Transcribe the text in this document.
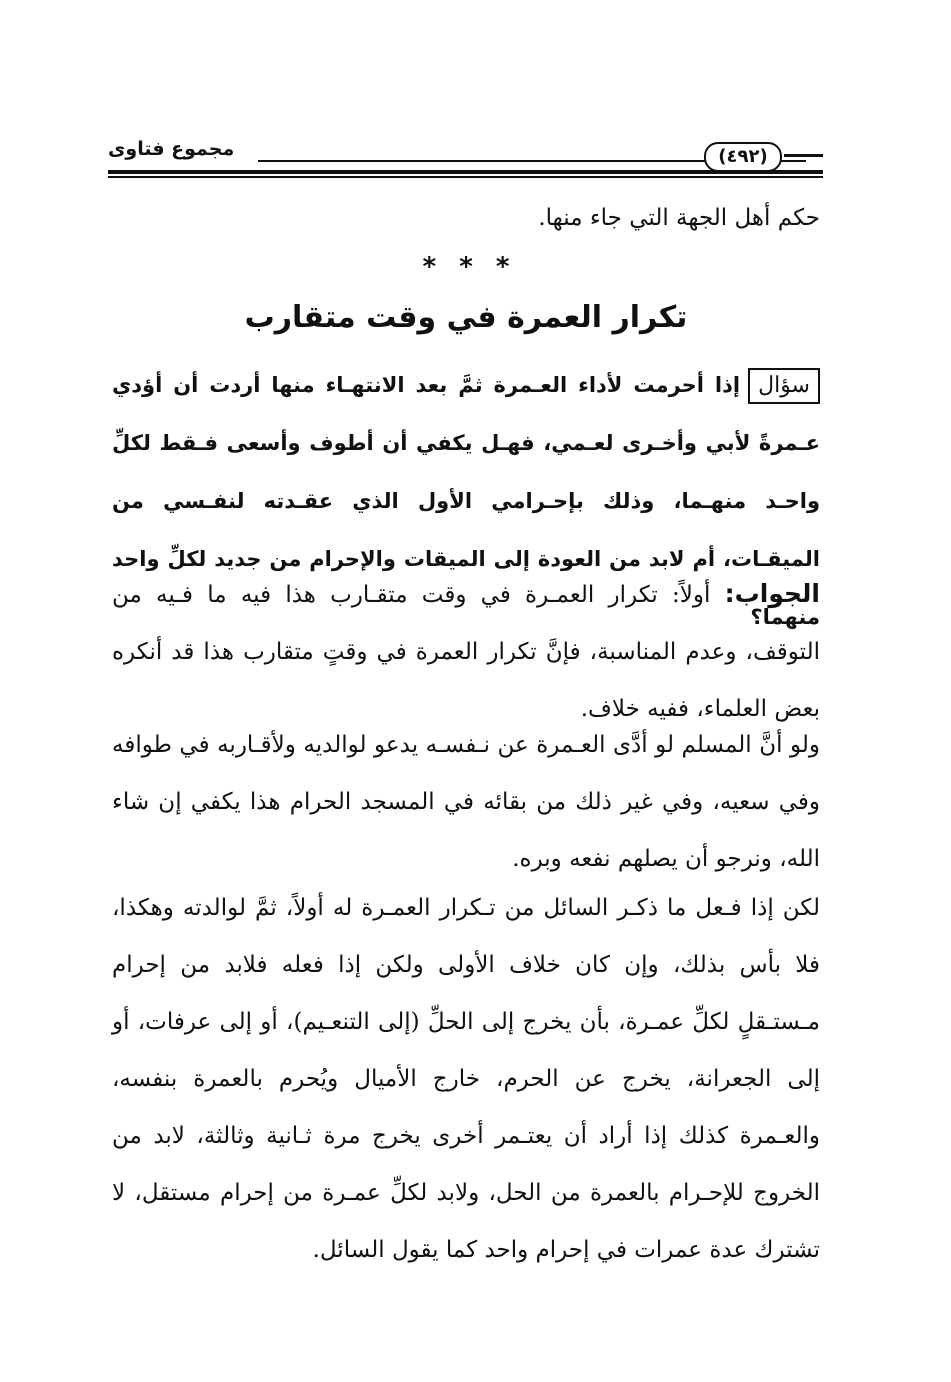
مجموع فتاوى	(٤٩٢)
حكم أهل الجهة التي جاء منها.
* * *
تكرار العمرة في وقت متقارب
سؤالإذا أحرمت لأداء العـمرة ثمَّ بعد الانتهـاء منها أردت أن أؤدي عـمرةً لأبي وأخـرى لعـمي، فهـل يكفي أن أطوف وأسعى فـقط لكلِّ واحـد منهـما، وذلك بإحـرامي الأول الذي عقـدته لنفـسي من الميقـات، أم لابد من العودة إلى الميقات والإحرام من جديد لكلِّ واحد منهما؟
الجواب: أولاً: تكرار العمـرة في وقت متقـارب هذا فيه ما فـيه من التوقف، وعدم المناسبة، فإنَّ تكرار العمرة في وقتٍ متقارب هذا قد أنكره بعض العلماء، ففيه خلاف.
ولو أنَّ المسلم لو أدَّى العـمرة عن نـفسـه يدعو لوالديه ولأقـاربه في طوافه وفي سعيه، وفي غير ذلك من بقائه في المسجد الحرام هذا يكفي إن شاء الله، ونرجو أن يصلهم نفعه وبره.
لكن إذا فـعل ما ذكـر السائل من تـكرار العمـرة له أولاً، ثمَّ لوالدته وهكذا، فلا بأس بذلك، وإن كان خلاف الأولى ولكن إذا فعله فلابد من إحرام مـستـقلٍ لكلِّ عمـرة، بأن يخرج إلى الحلِّ (إلى التنعـيم)، أو إلى عرفات، أو إلى الجعرانة، يخرج عن الحرم، خارج الأميال ويُحرم بالعمرة بنفسه، والعـمرة كذلك إذا أراد أن يعتـمر أخرى يخرج مرة ثـانية وثالثة، لابد من الخروج للإحـرام بالعمرة من الحل، ولابد لكلِّ عمـرة من إحرام مستقل، لا تشترك عدة عمرات في إحرام واحد كما يقول السائل.
